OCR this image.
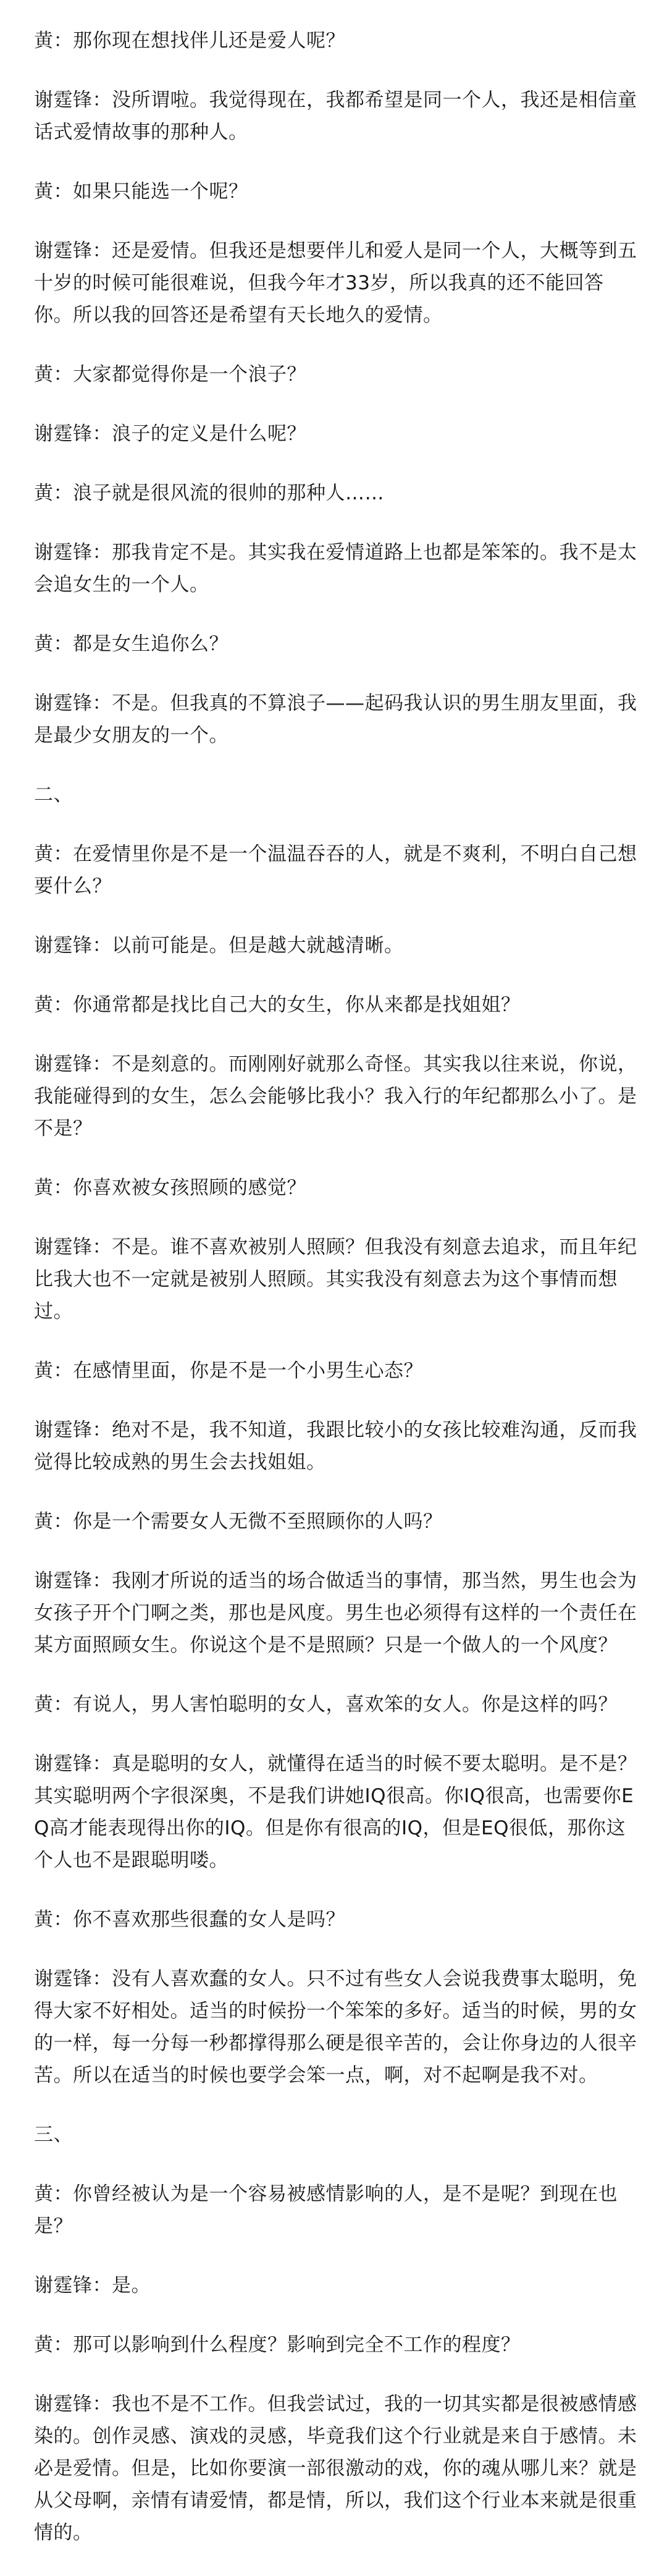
黄：那你现在想找伴儿还是爱人呢？

谢霆锋：没所谓啦。我觉得现在，我都希望是同一个人，我还是相信童话式爱情故事的那种人。

黄：如果只能选一个呢？

谢霆锋：还是爱情。但我还是想要伴儿和爱人是同一个人，大概等到五十岁的时候可能很难说，但我今年才33岁，所以我真的还不能回答你。所以我的回答还是希望有天长地久的爱情。

黄：大家都觉得你是一个浪子？

谢霆锋：浪子的定义是什么呢？

黄：浪子就是很风流的很帅的那种人……

谢霆锋：那我肯定不是。其实我在爱情道路上也都是笨笨的。我不是太会追女生的一个人。

黄：都是女生追你么？

谢霆锋：不是。但我真的不算浪子——起码我认识的男生朋友里面，我是最少女朋友的一个。

二、

黄：在爱情里你是不是一个温温吞吞的人，就是不爽利，不明白自己想要什么？

谢霆锋：以前可能是。但是越大就越清晰。

黄：你通常都是找比自己大的女生，你从来都是找姐姐？

谢霆锋：不是刻意的。而刚刚好就那么奇怪。其实我以往来说，你说，我能碰得到的女生，怎么会能够比我小？我入行的年纪都那么小了。是不是？

黄：你喜欢被女孩照顾的感觉？

谢霆锋：不是。谁不喜欢被别人照顾？但我没有刻意去追求，而且年纪比我大也不一定就是被别人照顾。其实我没有刻意去为这个事情而想过。

黄：在感情里面，你是不是一个小男生心态？

谢霆锋：绝对不是，我不知道，我跟比较小的女孩比较难沟通，反而我觉得比较成熟的男生会去找姐姐。

黄：你是一个需要女人无微不至照顾你的人吗？

谢霆锋：我刚才所说的适当的场合做适当的事情，那当然，男生也会为女孩子开个门啊之类，那也是风度。男生也必须得有这样的一个责任在某方面照顾女生。你说这个是不是照顾？只是一个做人的一个风度？

黄：有说人，男人害怕聪明的女人，喜欢笨的女人。你是这样的吗？

谢霆锋：真是聪明的女人，就懂得在适当的时候不要太聪明。是不是？其实聪明两个字很深奥，不是我们讲她IQ很高。你IQ很高，也需要你EQ高才能表现得出你的IQ。但是你有很高的IQ，但是EQ很低，那你这个人也不是跟聪明喽。

黄：你不喜欢那些很蠢的女人是吗？

谢霆锋：没有人喜欢蠢的女人。只不过有些女人会说我费事太聪明，免得大家不好相处。适当的时候扮一个笨笨的多好。适当的时候，男的女的一样，每一分每一秒都撑得那么硬是很辛苦的，会让你身边的人很辛苦。所以在适当的时候也要学会笨一点，啊，对不起啊是我不对。

三、

黄：你曾经被认为是一个容易被感情影响的人，是不是呢？到现在也是？

谢霆锋：是。

黄：那可以影响到什么程度？影响到完全不工作的程度？

谢霆锋：我也不是不工作。但我尝试过，我的一切其实都是很被感情感染的。创作灵感、演戏的灵感，毕竟我们这个行业就是来自于感情。未必是爱情。但是，比如你要演一部很激动的戏，你的魂从哪儿来？就是从父母啊，亲情有请爱情，都是情，所以，我们这个行业本来就是很重情的。
